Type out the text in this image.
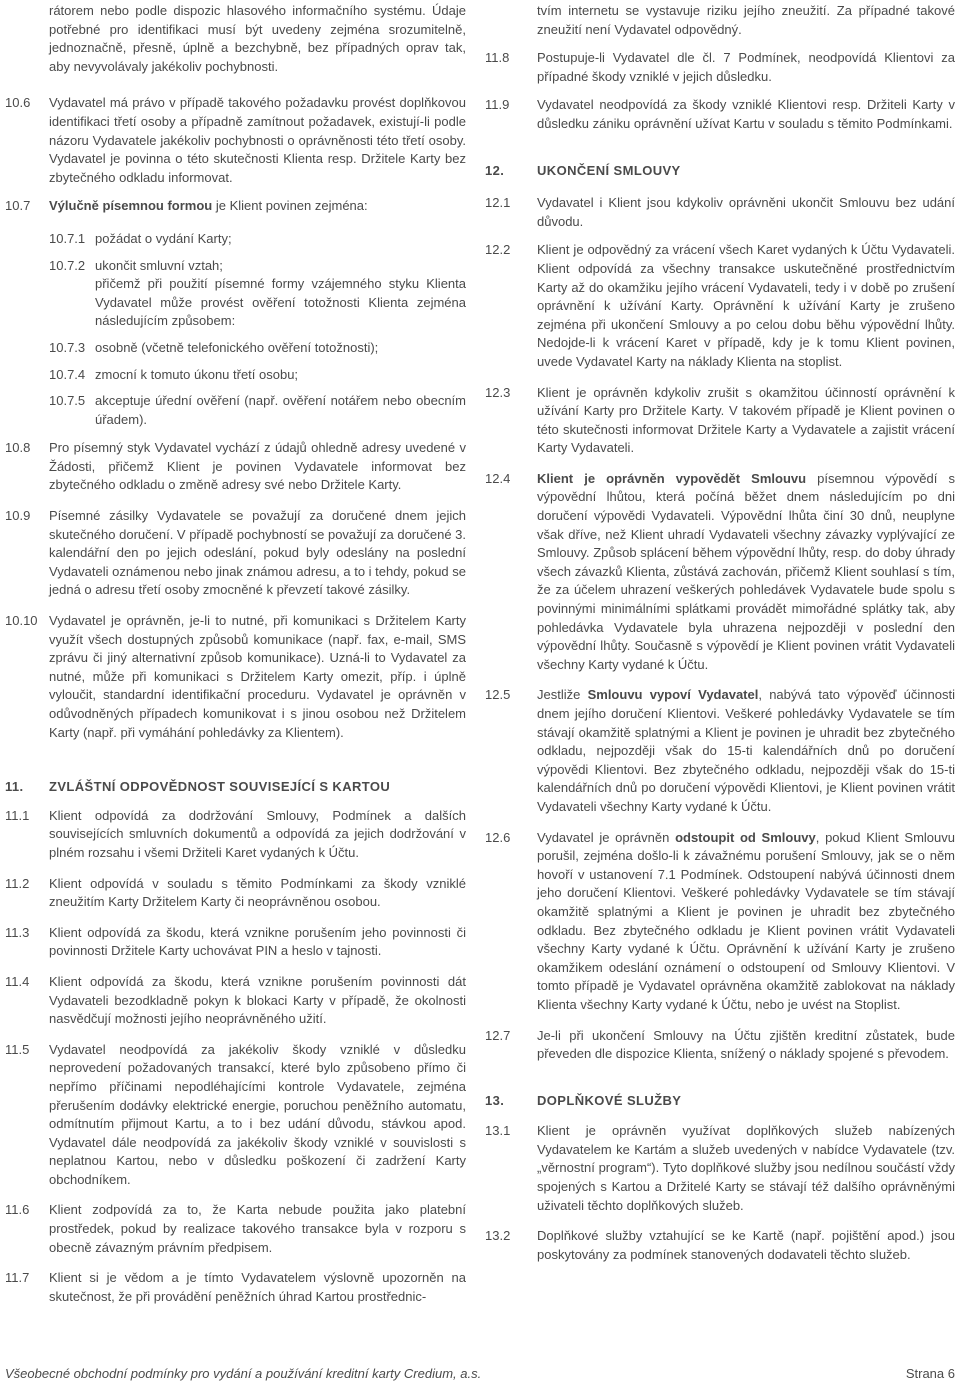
rátorem nebo podle dispozic hlasového informačního systému. Údaje potřebné pro identifikaci musí být uvedeny zejména srozumitelně, jednoznačně, přesně, úplně a bezchybně, bez případných oprav tak, aby nevyvolávaly jakékoliv pochybnosti.
10.6	Vydavatel má právo v případě takového požadavku provést doplňkovou identifikaci třetí osoby a případně zamítnout požadavek, existují-li podle názoru Vydavatele jakékoliv pochybnosti o oprávněnosti této třetí osoby. Vydavatel je povinna o této skutečnosti Klienta resp. Držitele Karty bez zbytečného odkladu informovat.
10.7	Výlučně písemnou formou je Klient povinen zejména:
10.7.1 požádat o vydání Karty;
10.7.2 ukončit smluvní vztah;
přičemž při použití písemné formy vzájemného styku Klienta Vydavatel může provést ověření totožnosti Klienta zejména následujícím způsobem:
10.7.3 osobně (včetně telefonického ověření totožnosti);
10.7.4 zmocní k tomuto úkonu třetí osobu;
10.7.5 akceptuje úřední ověření (např. ověření notářem nebo obecním úřadem).
10.8	Pro písemný styk Vydavatel vychází z údajů ohledně adresy uvedené v Žádosti, přičemž Klient je povinen Vydavatele informovat bez zbytečného odkladu o změně adresy své nebo Držitele Karty.
10.9	Písemné zásilky Vydavatele se považují za doručené dnem jejich skutečného doručení. V případě pochybností se považují za doručené 3. kalendářní den po jejich odeslání, pokud byly odeslány na poslední Vydavateli oznámenou nebo jinak známou adresu, a to i tehdy, pokud se jedná o adresu třetí osoby zmocněné k převzetí takové zásilky.
10.10 Vydavatel je oprávněn, je-li to nutné, při komunikaci s Držitelem Karty využít všech dostupných způsobů komunikace (např. fax, e-mail, SMS zprávu či jiný alternativní způsob komunikace). Uzná-li to Vydavatel za nutné, může při komunikaci s Držitelem Karty omezit, příp. i úplně vyloučit, standardní identifikační proceduru. Vydavatel je oprávněn v odůvodněných případech komunikovat i s jinou osobou než Držitelem Karty (např. při vymáhání pohledávky za Klientem).
11.	ZVLÁŠTNÍ ODPOVĚDNOST SOUVISEJÍCÍ S KARTOU
11.1	Klient odpovídá za dodržování Smlouvy, Podmínek a dalších souvisejících smluvních dokumentů a odpovídá za jejich dodržování v plném rozsahu i všemi Držiteli Karet vydaných k Účtu.
11.2	Klient odpovídá v souladu s těmito Podmínkami za škody vzniklé zneužitím Karty Držitelem Karty či neoprávněnou osobou.
11.3	Klient odpovídá za škodu, která vznikne porušením jeho povinnosti či povinnosti Držitele Karty uchovávat PIN a heslo v tajnosti.
11.4	Klient odpovídá za škodu, která vznikne porušením povinnosti dát Vydavateli bezodkladně pokyn k blokaci Karty v případě, že okolnosti nasvědčují možnosti jejího neoprávněného užití.
11.5	Vydavatel neodpovídá za jakékoliv škody vzniklé v důsledku neprovedení požadovaných transakcí, které bylo způsobeno přímo či nepřímo příčinami nepodléhajícími kontrole Vydavatele, zejména přerušením dodávky elektrické energie, poruchou peněžního automatu, odmítnutím přijmout Kartu, a to i bez udání důvodu, stávkou apod. Vydavatel dále neodpovídá za jakékoliv škody vzniklé v souvislosti s neplatnou Kartou, nebo v důsledku poškození či zadržení Karty obchodníkem.
11.6	Klient zodpovídá za to, že Karta nebude použita jako platební prostředek, pokud by realizace takového transakce byla v rozporu s obecně závazným právním předpisem.
11.7	Klient si je vědom a je tímto Vydavatelem výslovně upozorněn na skutečnost, že při provádění peněžních úhrad Kartou prostřednic-
tvím internetu se vystavuje riziku jejího zneužití. Za případné takové zneužití není Vydavatel odpovědný.
11.8	Postupuje-li Vydavatel dle čl. 7 Podmínek, neodpovídá Klientovi za případné škody vzniklé v jejich důsledku.
11.9	Vydavatel neodpovídá za škody vzniklé Klientovi resp. Držiteli Karty v důsledku zániku oprávnění užívat Kartu v souladu s těmito Podmínkami.
12.	UKONČENÍ SMLOUVY
12.1	Vydavatel i Klient jsou kdykoliv oprávněni ukončit Smlouvu bez udání důvodu.
12.2	Klient je odpovědný za vrácení všech Karet vydaných k Účtu Vydavateli. Klient odpovídá za všechny transakce uskutečněné prostřednictvím Karty až do okamžiku jejího vrácení Vydavateli, tedy i v době po zrušení oprávnění k užívání Karty. Oprávnění k užívání Karty je zrušeno zejména při ukončení Smlouvy a po celou dobu běhu výpovědní lhůty. Nedojde-li k vrácení Karet v případě, kdy je k tomu Klient povinen, uvede Vydavatel Karty na náklady Klienta na stoplist.
12.3	Klient je oprávněn kdykoliv zrušit s okamžitou účinností oprávnění k užívání Karty pro Držitele Karty. V takovém případě je Klient povinen o této skutečnosti informovat Držitele Karty a Vydavatele a zajistit vrácení Karty Vydavateli.
12.4	Klient je oprávněn vypovědět Smlouvu písemnou výpovědí s výpovědní lhůtou, která počíná běžet dnem následujícím po dni doručení výpovědi Vydavateli. Výpovědní lhůta činí 30 dnů, neuplyne však dříve, než Klient uhradí Vydavateli všechny závazky vyplývající ze Smlouvy. Způsob splácení během výpovědní lhůty, resp. do doby úhrady všech závazků Klienta, zůstává zachován, přičemž Klient souhlasí s tím, že za účelem uhrazení veškerých pohledávek Vydavatele bude spolu s povinnými minimálními splátkami provádět mimořádné splátky tak, aby pohledávka Vydavatele byla uhrazena nejpozději v poslední den výpovědní lhůty. Současně s výpovědí je Klient povinen vrátit Vydavateli všechny Karty vydané k Účtu.
12.5	Jestliže Smlouvu vypoví Vydavatel, nabývá tato výpověď účinnosti dnem jejího doručení Klientovi. Veškeré pohledávky Vydavatele se tím stávají okamžitě splatnými a Klient je povinen je uhradit bez zbytečného odkladu, nejpozději však do 15-ti kalendářních dnů po doručení výpovědi Klientovi. Bez zbytečného odkladu, nejpozději však do 15-ti kalendářních dnů po doručení výpovědi Klientovi, je Klient povinen vrátit Vydavateli všechny Karty vydané k Účtu.
12.6	Vydavatel je oprávněn odstoupit od Smlouvy, pokud Klient Smlouvu porušil, zejména došlo-li k závažnému porušení Smlouvy, jak se o něm hovoří v ustanovení 7.1 Podmínek. Odstoupení nabývá účinnosti dnem jeho doručení Klientovi. Veškeré pohledávky Vydavatele se tím stávají okamžitě splatnými a Klient je povinen je uhradit bez zbytečného odkladu. Bez zbytečného odkladu je Klient povinen vrátit Vydavateli všechny Karty vydané k Účtu. Oprávnění k užívání Karty je zrušeno okamžikem odeslání oznámení o odstoupení od Smlouvy Klientovi. V tomto případě je Vydavatel oprávněna okamžitě zablokovat na náklady Klienta všechny Karty vydané k Účtu, nebo je uvést na Stoplist.
12.7	Je-li při ukončení Smlouvy na Účtu zjištěn kreditní zůstatek, bude převeden dle dispozice Klienta, snížený o náklady spojené s převodem.
13.	DOPLŇKOVÉ SLUŽBY
13.1	Klient je oprávněn využívat doplňkových služeb nabízených Vydavatelem ke Kartám a služeb uvedených v nabídce Vydavatele (tzv. „věrnostní program“). Tyto doplňkové služby jsou nedílnou součástí vždy spojených s Kartou a Držitelé Karty se stávají též dalšího oprávněnými uživateli těchto doplňkových služeb.
13.2	Doplňkové služby vztahující se ke Kartě (např. pojištění apod.) jsou poskytovány za podmínek stanovených dodavateli těchto služeb.
Všeobecné obchodní podmínky pro vydání a používání kreditní karty Credium, a.s.	Strana 6
